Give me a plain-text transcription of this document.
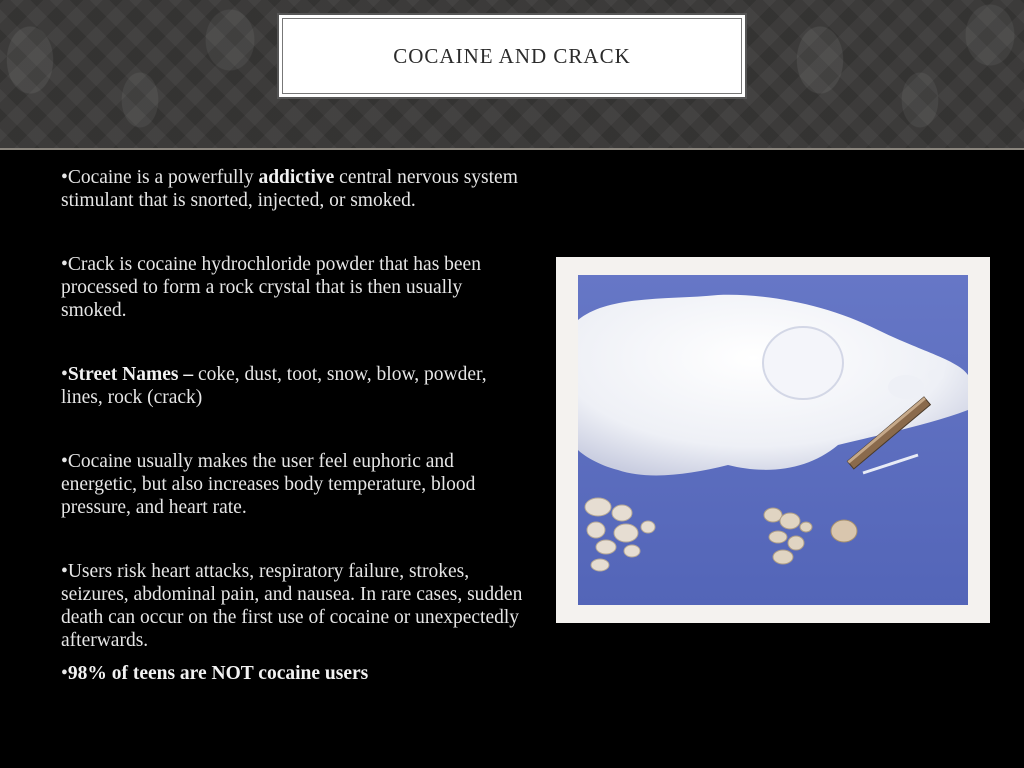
COCAINE AND CRACK

•Cocaine is a powerfully addictive central nervous system stimulant that is snorted, injected, or smoked.

•Crack is cocaine hydrochloride powder that has been processed to form a rock crystal that is then usually smoked.

•Street Names – coke, dust, toot, snow, blow, powder, lines, rock (crack)

•Cocaine usually makes the user feel euphoric and energetic, but also increases body temperature, blood pressure, and heart rate.

•Users risk heart attacks, respiratory failure, strokes, seizures, abdominal pain, and nausea. In rare cases, sudden death can occur on the first use of cocaine or unexpectedly afterwards.

•98% of teens are NOT cocaine users
